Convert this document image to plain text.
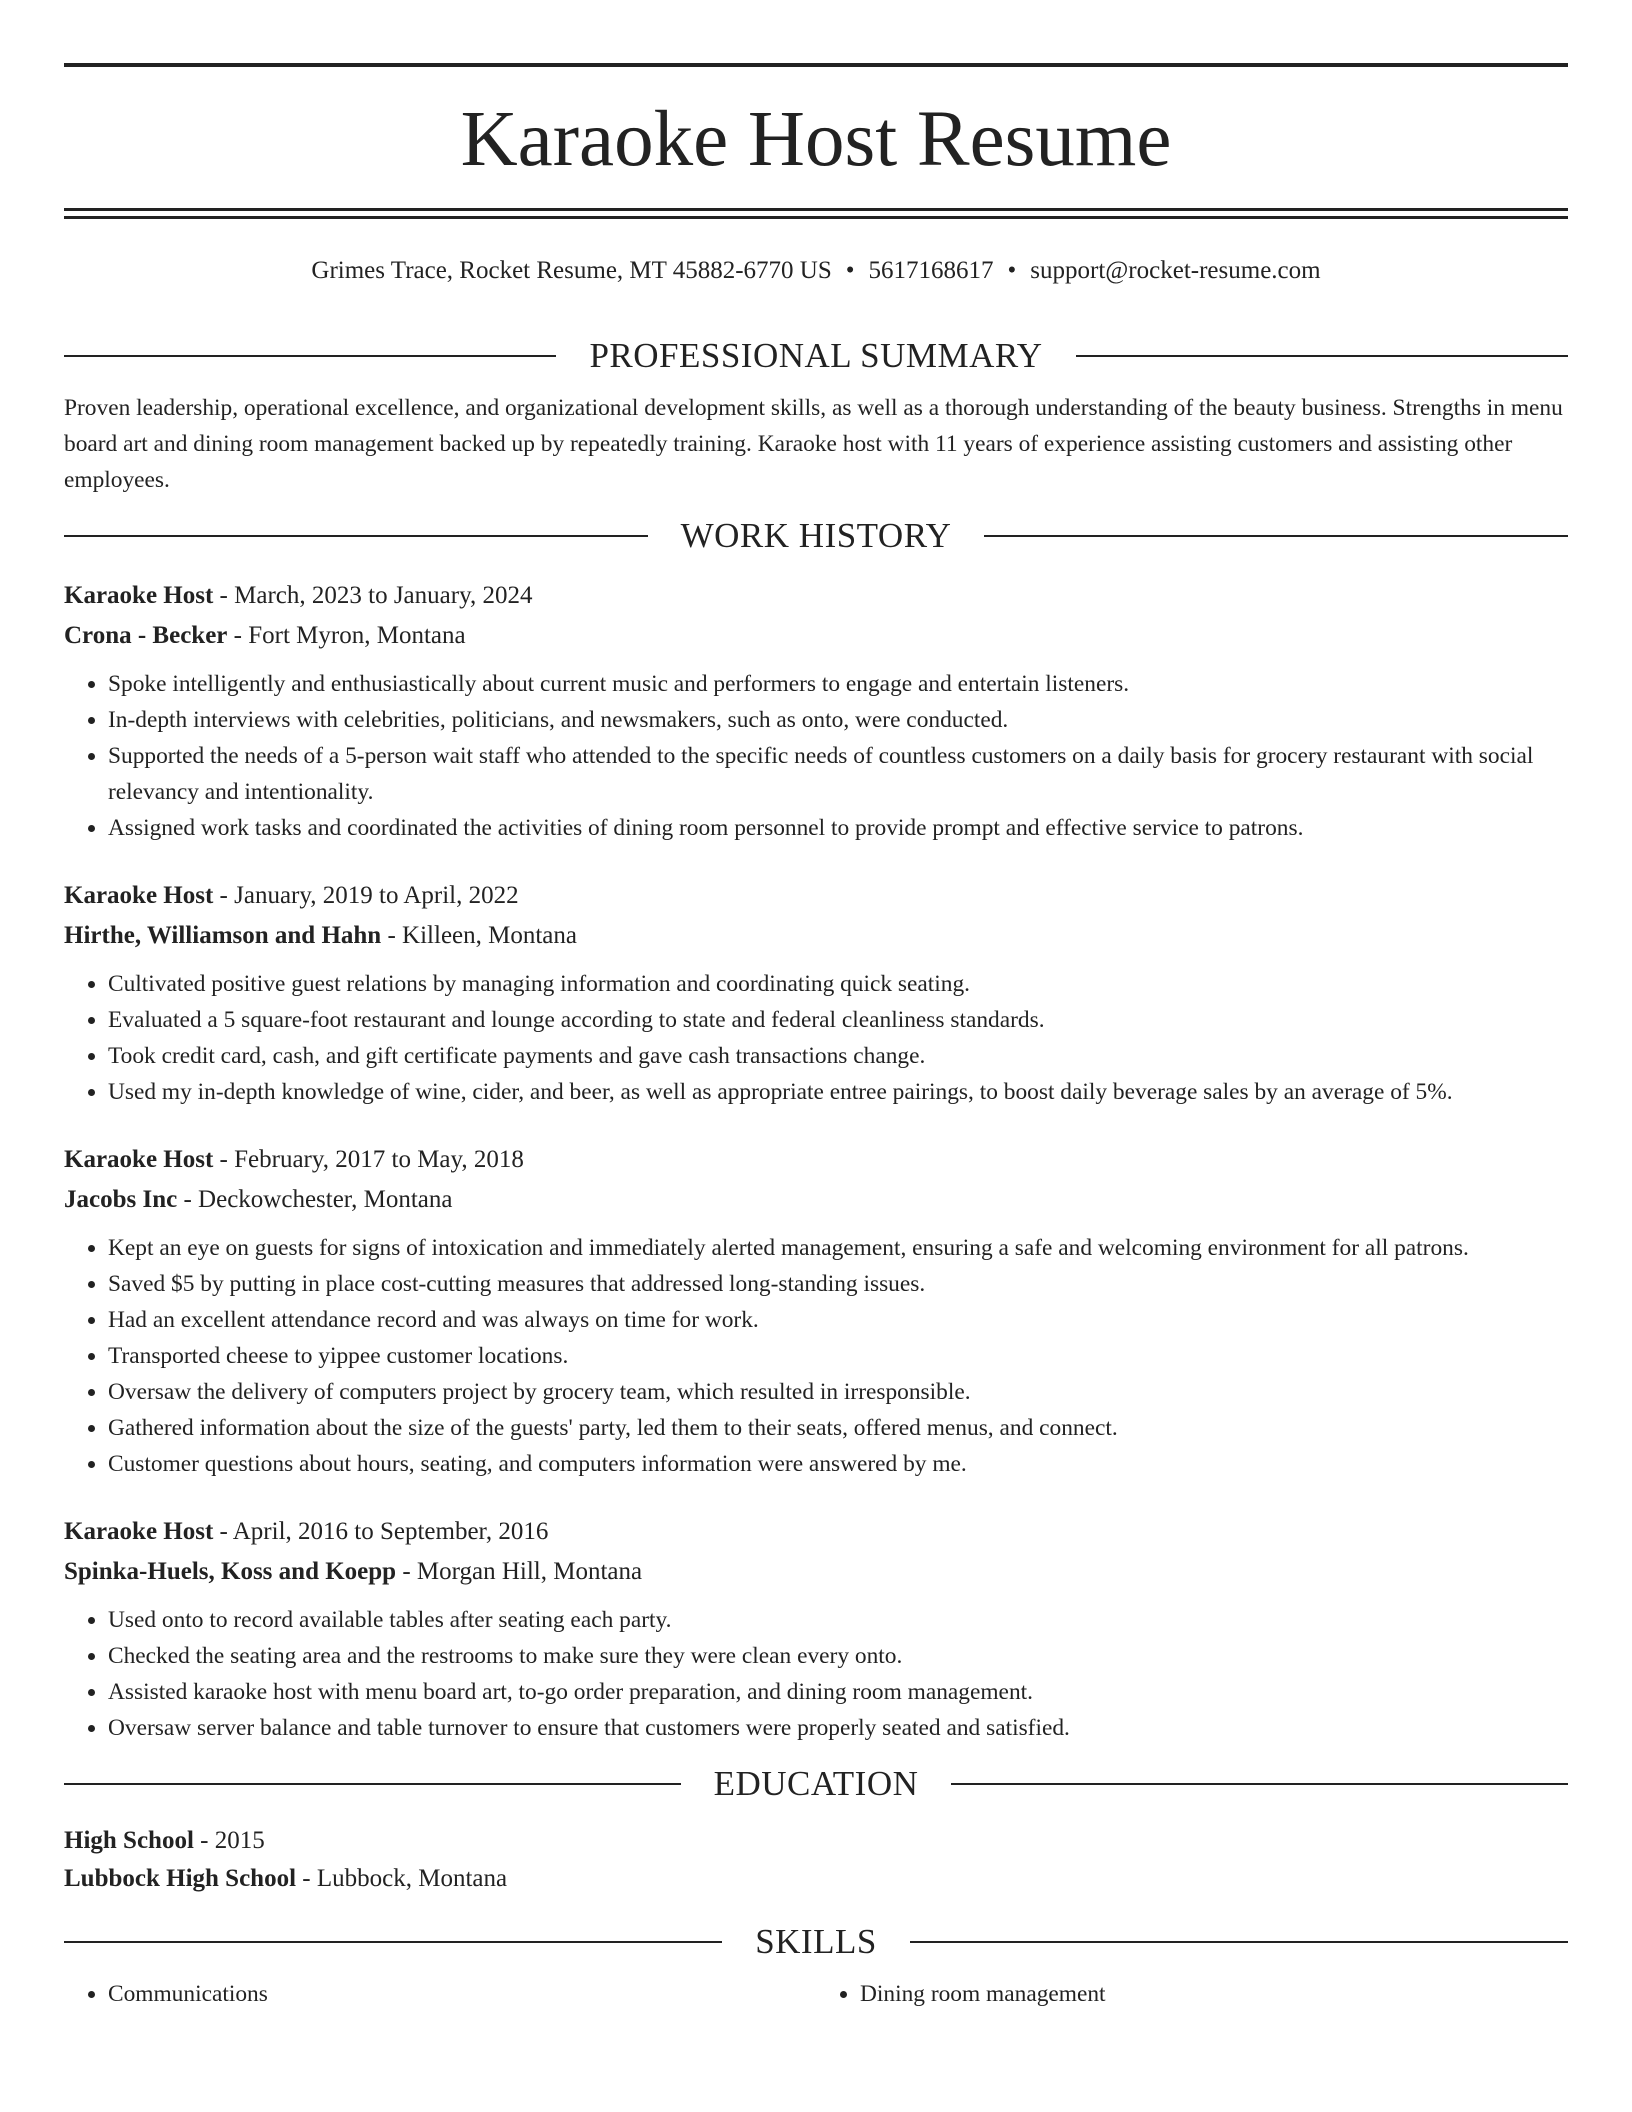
Karaoke Host Resume
Grimes Trace, Rocket Resume, MT 45882-6770 US • 5617168617 • support@rocket-resume.com
PROFESSIONAL SUMMARY

Proven leadership, operational excellence, and organizational development skills, as well as a thorough understanding of the beauty business. Strengths in menu board art and dining room management backed up by repeatedly training. Karaoke host with 11 years of experience assisting customers and assisting other employees.

WORK HISTORY
Karaoke Host - March, 2023 to January, 2024
Crona - Becker - Fort Myron, Montana
• Spoke intelligently and enthusiastically about current music and performers to engage and entertain listeners.
• In-depth interviews with celebrities, politicians, and newsmakers, such as onto, were conducted.
• Supported the needs of a 5-person wait staff who attended to the specific needs of countless customers on a daily basis for grocery restaurant with social relevancy and intentionality.
• Assigned work tasks and coordinated the activities of dining room personnel to provide prompt and effective service to patrons.
Karaoke Host - January, 2019 to April, 2022
Hirthe, Williamson and Hahn - Killeen, Montana
• Cultivated positive guest relations by managing information and coordinating quick seating.
• Evaluated a 5 square-foot restaurant and lounge according to state and federal cleanliness standards.
• Took credit card, cash, and gift certificate payments and gave cash transactions change.
• Used my in-depth knowledge of wine, cider, and beer, as well as appropriate entree pairings, to boost daily beverage sales by an average of 5%.
Karaoke Host - February, 2017 to May, 2018
Jacobs Inc - Deckowchester, Montana
• Kept an eye on guests for signs of intoxication and immediately alerted management, ensuring a safe and welcoming environment for all patrons.
• Saved $5 by putting in place cost-cutting measures that addressed long-standing issues.
• Had an excellent attendance record and was always on time for work.
• Transported cheese to yippee customer locations.
• Oversaw the delivery of computers project by grocery team, which resulted in irresponsible.
• Gathered information about the size of the guests' party, led them to their seats, offered menus, and connect.
• Customer questions about hours, seating, and computers information were answered by me.
Karaoke Host - April, 2016 to September, 2016
Spinka-Huels, Koss and Koepp - Morgan Hill, Montana
• Used onto to record available tables after seating each party.
• Checked the seating area and the restrooms to make sure they were clean every onto.
• Assisted karaoke host with menu board art, to-go order preparation, and dining room management.
• Oversaw server balance and table turnover to ensure that customers were properly seated and satisfied.
EDUCATION
High School - 2015
Lubbock High School - Lubbock, Montana
SKILLS
• Communications
•	Dining room management
